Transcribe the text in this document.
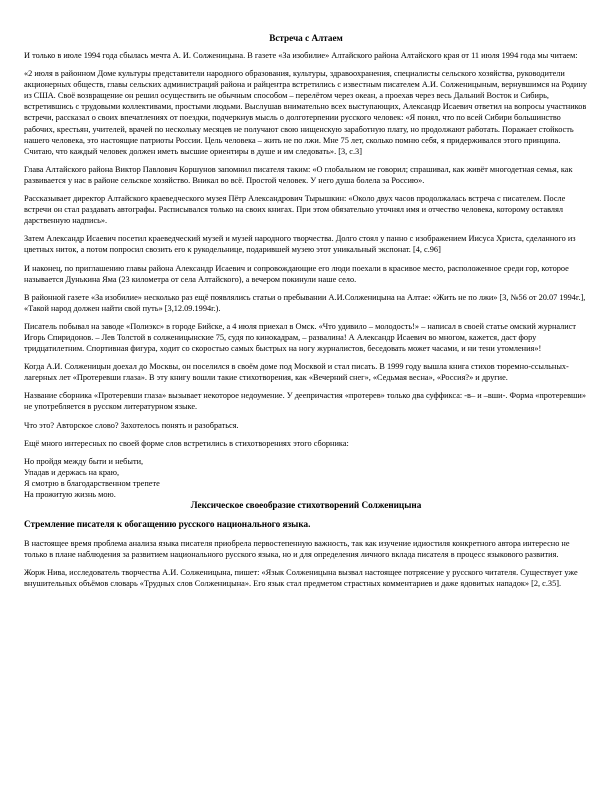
Встреча с Алтаем

И только в июле 1994 года сбылась мечта А. И. Солженицына. В газете «За изобилие» Алтайского района Алтайского края от 11 июля 1994 года мы читаем:

«2 июля в районном Доме культуры представители народного образования, культуры, здравоохранения, специалисты сельского хозяйства, руководители акционерных обществ, главы сельских администраций района и райцентра встретились с известным писателем А.И. Солженицыным, вернувшимся на Родину из США. Своё возвращение он решил осуществить не обычным способом – перелётом через океан, а проехав через весь Дальний Восток и Сибирь, встретившись с трудовыми коллективами, простыми людьми. Выслушав внимательно всех выступающих, Александр Исаевич ответил на вопросы участников встречи, рассказал о своих впечатлениях от поездки, подчеркнув мысль о долготерпении русского человек: «Я понял, что по всей Сибири большинство рабочих, крестьян, учителей, врачей по нескольку месяцев не получают свою нищенскую заработную плату, но продолжают работать. Поражает стойкость нашего человека, это настоящие патриоты России. Цель человека – жить не по лжи. Мне 75 лет, сколько помню себя, я придерживался этого принципа. Считаю, что каждый человек должен иметь высшие ориентиры в душе и им следовать». [3, с.3]

Глава Алтайского района Виктор Павлович Коршунов запомнил писателя таким: «О глобальном не говорил; спрашивал, как живёт многодетная семья, как развивается у нас в районе сельское хозяйство. Вникал во всё. Простой человек. У него душа болела за Россию».

Рассказывает директор Алтайского краеведческого музея Пётр Александрович Тырышкин: «Около двух часов продолжалась встреча с писателем. После встречи он стал раздавать автографы. Расписывался только на своих книгах. При этом обязательно уточнял имя и отчество человека, которому оставлял дарственную надпись».

Затем Александр Исаевич посетил краеведческий музей и музей народного творчества. Долго стоял у панно с изображением Иисуса Христа, сделанного из цветных ниток, а потом попросил свозить его к рукодельнице, подарившей музею этот уникальный экспонат. [4, с.96]

И наконец, по приглашению главы района Александр Исаевич и сопровождающие его люди поехали в красивое место, расположенное среди гор, которое называется Дунькина Яма (23 километра от села Алтайского), а вечером покинули наше село.

В районной газете «За изобилие» несколько раз ещё появлялись статьи о пребывании А.И.Солженицына на Алтае: «Жить не по лжи» [3, №56 от 20.07 1994г.], «Такой народ должен найти свой путь» [3,12.09.1994г.).

Писатель побывал на заводе «Полиэкс» в городе Бийске, а 4 июля приехал в Омск. «Что удивило – молодость!» – написал в своей статье омский журналист Игорь Спиридонов. – Лев Толстой в солженицынские 75, судя по кинокадрам, – развалина! А Александр Исаевич во многом, кажется, даст фору тридцатилетним. Спортивная фигура, ходит со скоростью самых быстрых на ногу журналистов, беседовать может часами, и ни тени утомления»!

Когда А.И. Солженицын доехал до Москвы, он поселился в своём доме под Москвой и стал писать. В 1999 году вышла книга стихов тюремно-ссыльных-лагерных лет «Протеревши глаза». В эту книгу вошли такие стихотворения, как «Вечерний снег», «Седьмая весна», «Россия?» и другие.

Название сборника «Протеревши глаза» вызывает некоторое недоумение. У деепричастия «протерев» только два суффикса: -в– и –вши-. Форма «протеревши» не употребляется в русском литературном языке.

Что это? Авторское слово? Захотелось понять и разобраться.

Ещё много интересных по своей форме слов встретились в стихотворениях этого сборника:

Но пройдя между быти и небыти,
Упадав и держась на краю,
Я смотрю в благодарственном трепете
На прожитую жизнь мою.
Лексическое своеобразие стихотворений Солженицына
Стремление писателя к обогащению русского национального языка.

В настоящее время проблема анализа языка писателя приобрела первостепенную важность, так как изучение идиостиля конкретного автора интересно не только в плане наблюдения за развитием национального русского языка, но и для определения личного вклада писателя в процесс языкового развития.

Жорж Нива, исследователь творчества А.И. Солженицына, пишет: «Язык Солженицына вызвал настоящее потрясение у русского читателя. Существует уже внушительных объёмов словарь «Трудных слов Солженицына». Его язык стал предметом страстных комментариев и даже ядовитых нападок» [2, с.35].
